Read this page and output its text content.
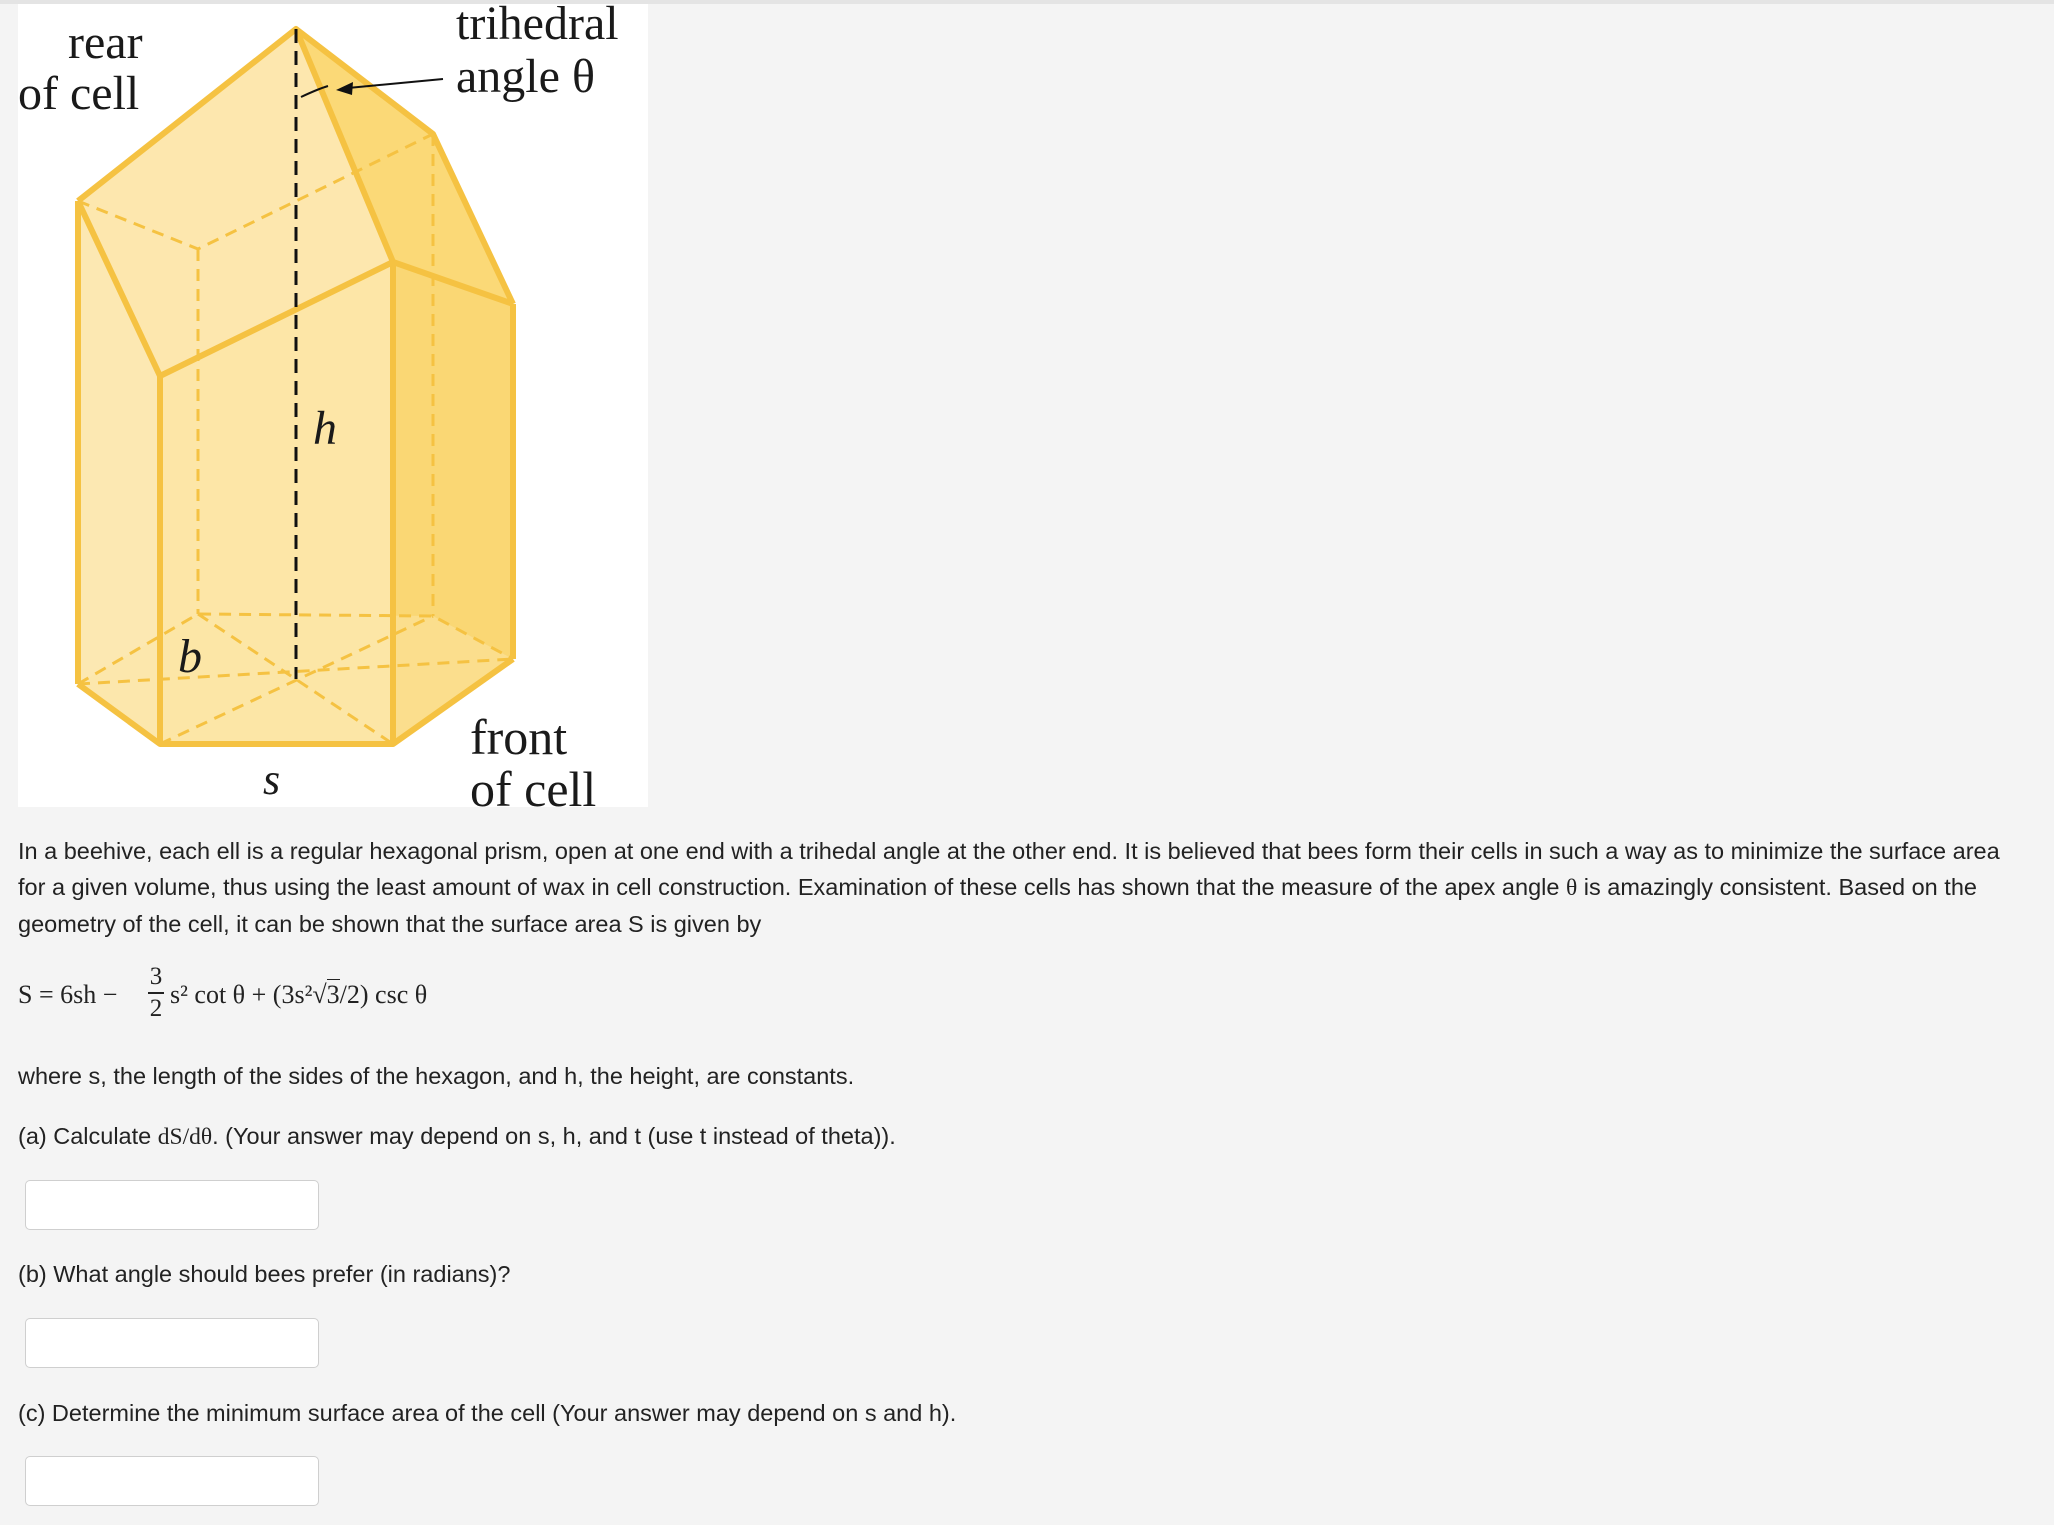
rear
of cell
trihedral
angle θ
h
b
s
front
of cell

In a beehive, each ell is a regular hexagonal prism, open at one end with a trihedal angle at the other end. It is believed that bees form their cells in such a way as to minimize the surface area for a given volume, thus using the least amount of wax in cell construction. Examination of these cells has shown that the measure of the apex angle θ is amazingly consistent. Based on the geometry of the cell, it can be shown that the surface area S is given by

S = 6sh −
3
2 s² cot θ + (3s²√3/2) csc θ

where s, the length of the sides of the hexagon, and h, the height, are constants.

(a) Calculate dS/dθ. (Your answer may depend on s, h, and t (use t instead of theta)).

(b) What angle should bees prefer (in radians)?

(c) Determine the minimum surface area of the cell (Your answer may depend on s and h).
